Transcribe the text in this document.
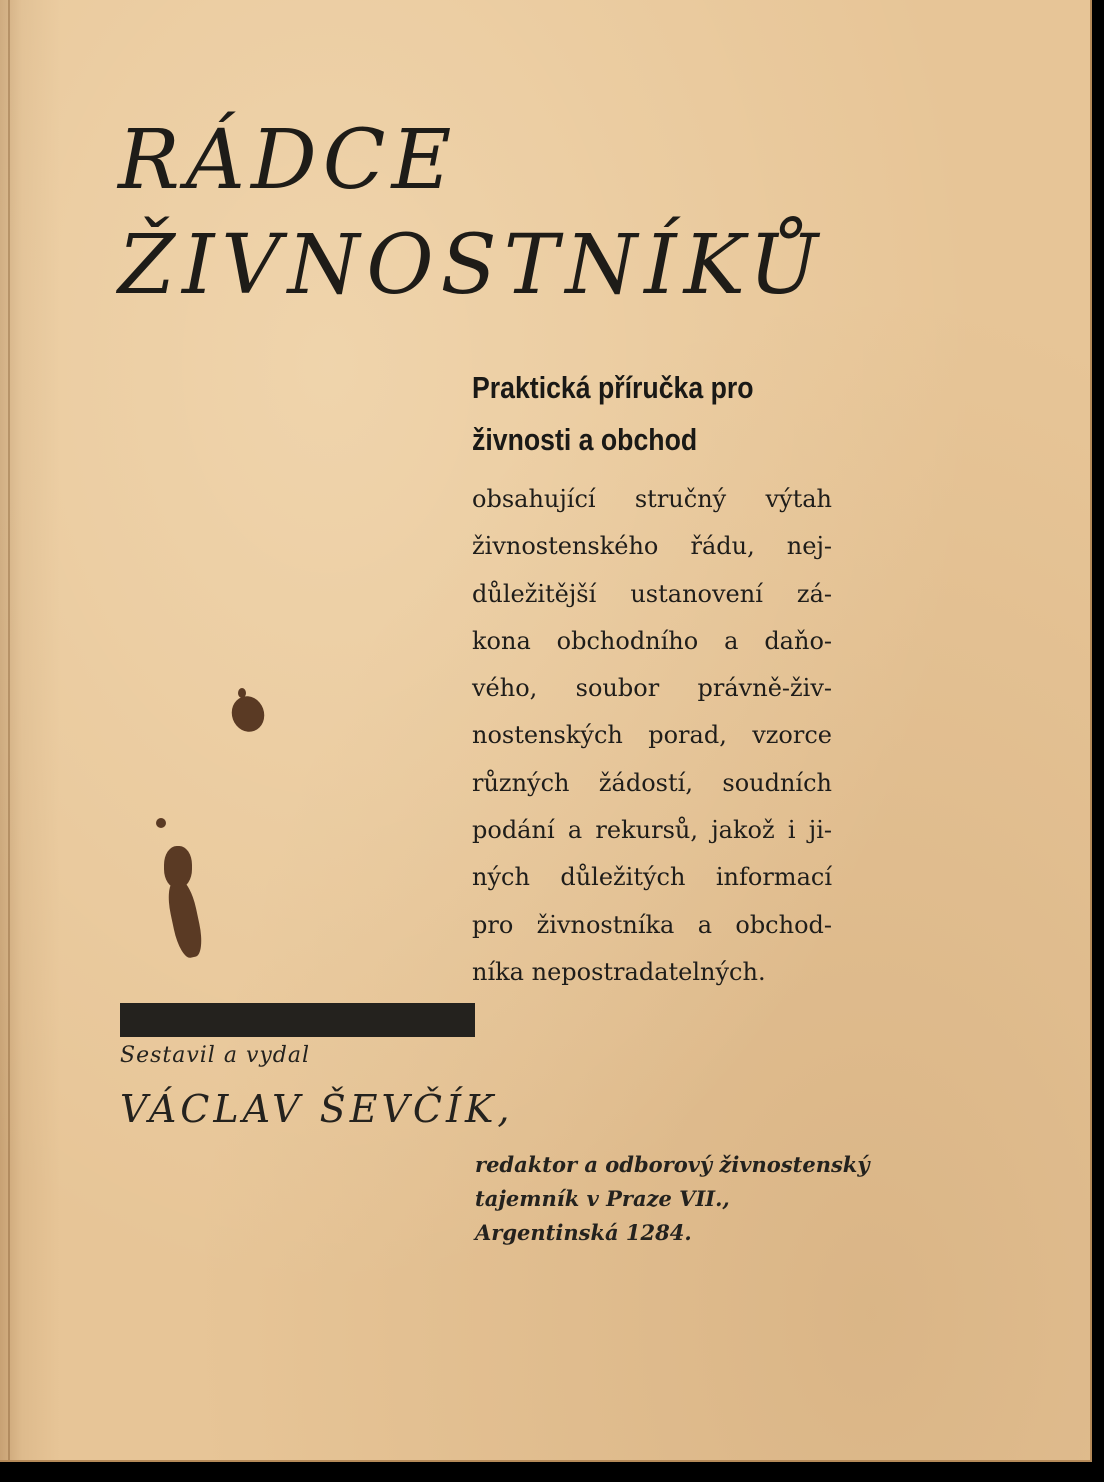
RÁDCE
ŽIVNOSTNÍKŮ

Praktická příručka pro
živnosti a obchod

obsahující stručný výtah
živnostenského řádu, nej-
důležitější ustanovení zá-
kona obchodního a daňo-
vého, soubor právně-živ-
nostenských porad, vzorce
různých žádostí, soudních
podání a rekursů, jakož i ji-
ných důležitých informací
pro živnostníka a obchod-
níka nepostradatelných.

Sestavil a vydal

VÁCLAV ŠEVČÍK,

redaktor a odborový živnostenský
tajemník v Praze VII.,
Argentinská 1284.
